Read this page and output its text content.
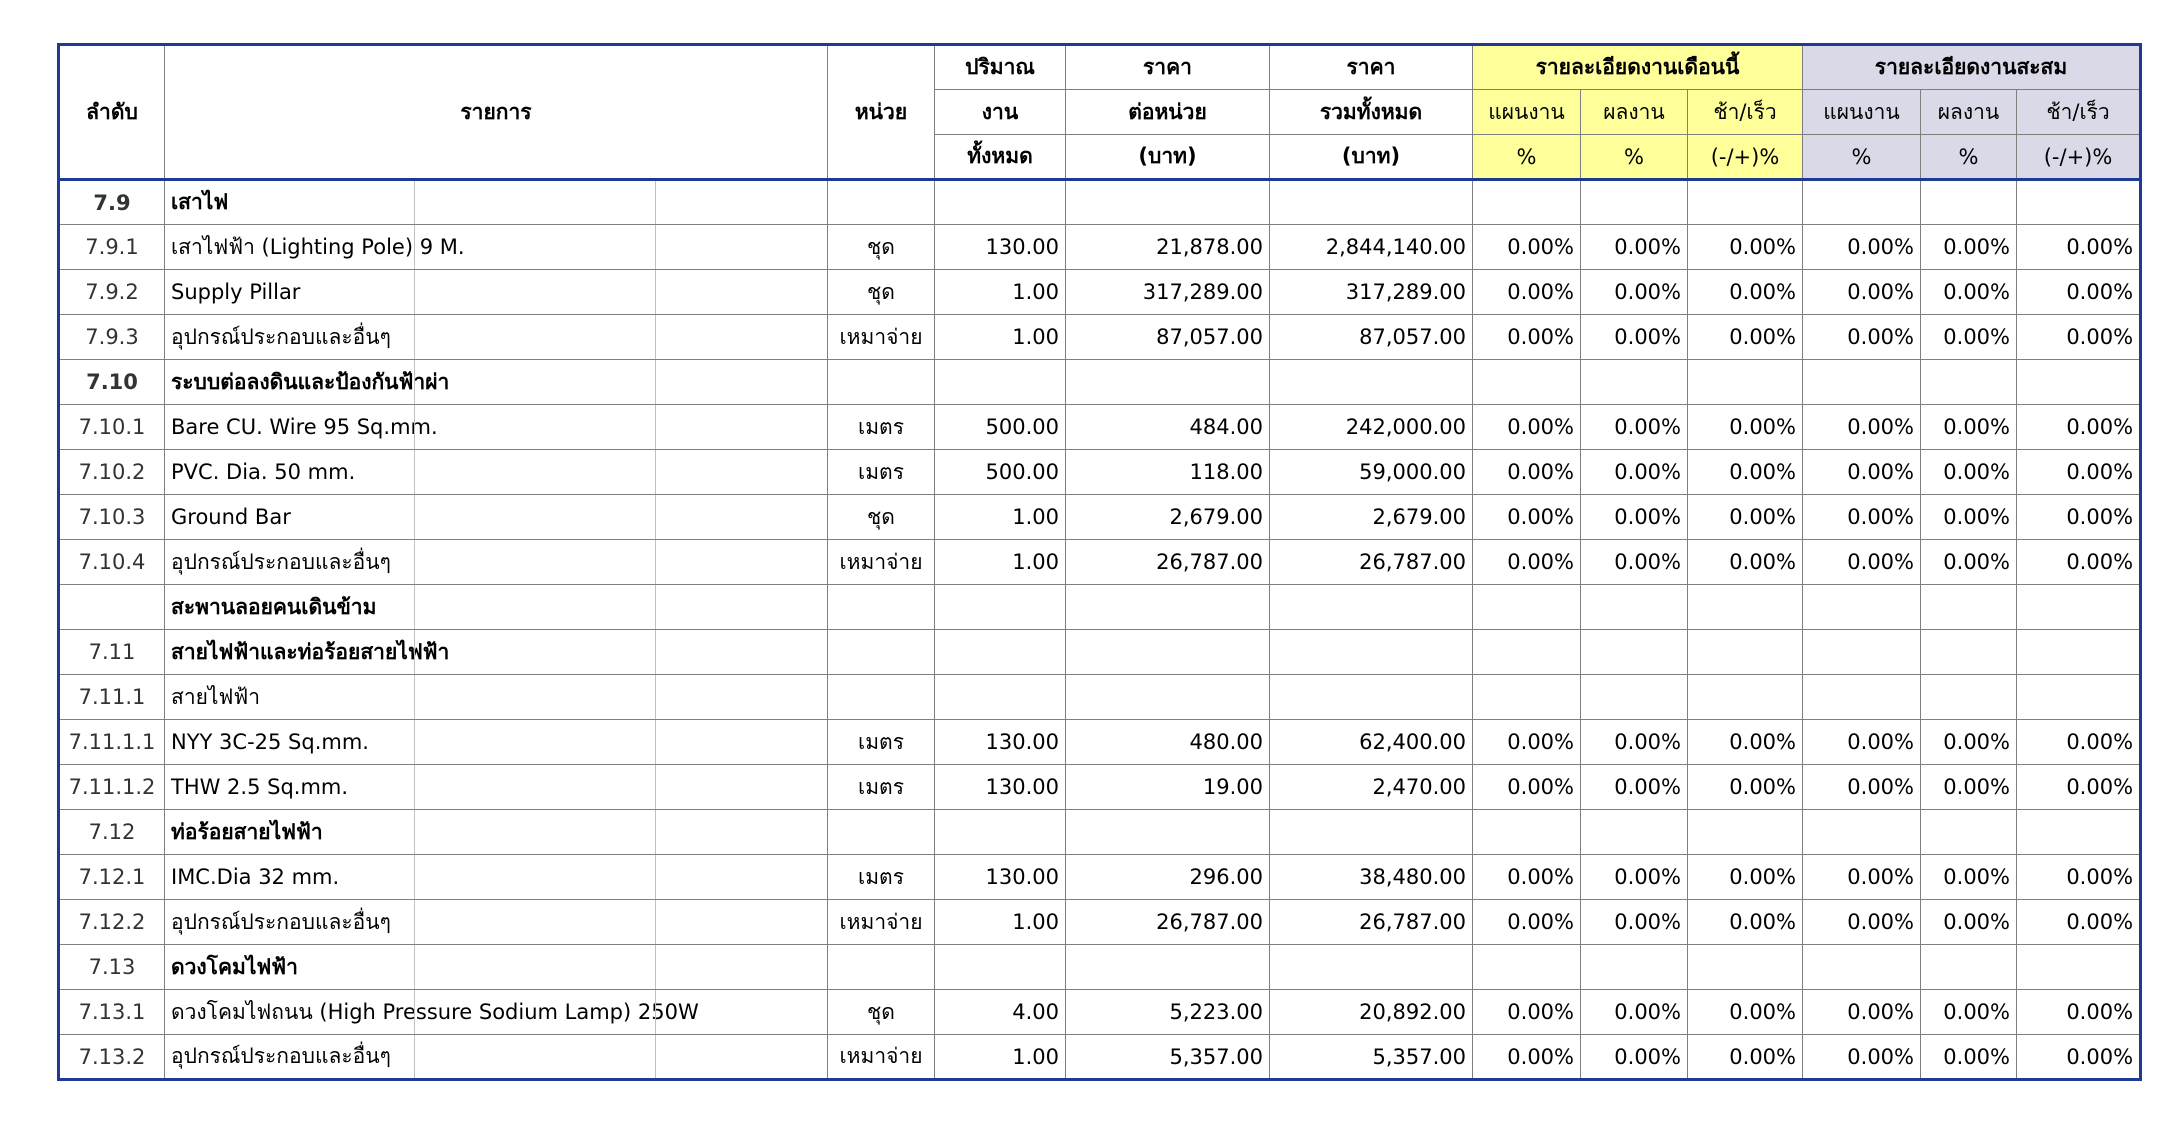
ลำดับ	รายการ	หน่วย	ปริมาณ	ราคา	ราคา	รายละเอียดงานเดือนนี้			รายละเอียดงานสะสม		
			งาน	ต่อหน่วย	รวมทั้งหมด	แผนงาน	ผลงาน	ช้า/เร็ว	แผนงาน	ผลงาน	ช้า/เร็ว
			ทั้งหมด	(บาท)	(บาท)	%	%	(-/+)%	%	%	(-/+)%
7.9	เสาไฟ										
7.9.1	เสาไฟฟ้า (Lighting Pole) 9 M.	ชุด	130.00	21,878.00	2,844,140.00	0.00%	0.00%	0.00%	0.00%	0.00%	0.00%
7.9.2	Supply Pillar	ชุด	1.00	317,289.00	317,289.00	0.00%	0.00%	0.00%	0.00%	0.00%	0.00%
7.9.3	อุปกรณ์ประกอบและอื่นๆ	เหมาจ่าย	1.00	87,057.00	87,057.00	0.00%	0.00%	0.00%	0.00%	0.00%	0.00%
7.10	ระบบต่อลงดินและป้องกันฟ้าผ่า										
7.10.1	Bare CU. Wire 95 Sq.mm.	เมตร	500.00	484.00	242,000.00	0.00%	0.00%	0.00%	0.00%	0.00%	0.00%
7.10.2	PVC. Dia. 50 mm.	เมตร	500.00	118.00	59,000.00	0.00%	0.00%	0.00%	0.00%	0.00%	0.00%
7.10.3	Ground Bar	ชุด	1.00	2,679.00	2,679.00	0.00%	0.00%	0.00%	0.00%	0.00%	0.00%
7.10.4	อุปกรณ์ประกอบและอื่นๆ	เหมาจ่าย	1.00	26,787.00	26,787.00	0.00%	0.00%	0.00%	0.00%	0.00%	0.00%
	สะพานลอยคนเดินข้าม										
7.11	สายไฟฟ้าและท่อร้อยสายไฟฟ้า										
7.11.1	สายไฟฟ้า										
7.11.1.1	NYY 3C-25 Sq.mm.	เมตร	130.00	480.00	62,400.00	0.00%	0.00%	0.00%	0.00%	0.00%	0.00%
7.11.1.2	THW 2.5 Sq.mm.	เมตร	130.00	19.00	2,470.00	0.00%	0.00%	0.00%	0.00%	0.00%	0.00%
7.12	ท่อร้อยสายไฟฟ้า										
7.12.1	IMC.Dia 32 mm.	เมตร	130.00	296.00	38,480.00	0.00%	0.00%	0.00%	0.00%	0.00%	0.00%
7.12.2	อุปกรณ์ประกอบและอื่นๆ	เหมาจ่าย	1.00	26,787.00	26,787.00	0.00%	0.00%	0.00%	0.00%	0.00%	0.00%
7.13	ดวงโคมไฟฟ้า										
7.13.1	ดวงโคมไฟถนน (High Pressure Sodium Lamp) 250W	ชุด	4.00	5,223.00	20,892.00	0.00%	0.00%	0.00%	0.00%	0.00%	0.00%
7.13.2	อุปกรณ์ประกอบและอื่นๆ	เหมาจ่าย	1.00	5,357.00	5,357.00	0.00%	0.00%	0.00%	0.00%	0.00%	0.00%
